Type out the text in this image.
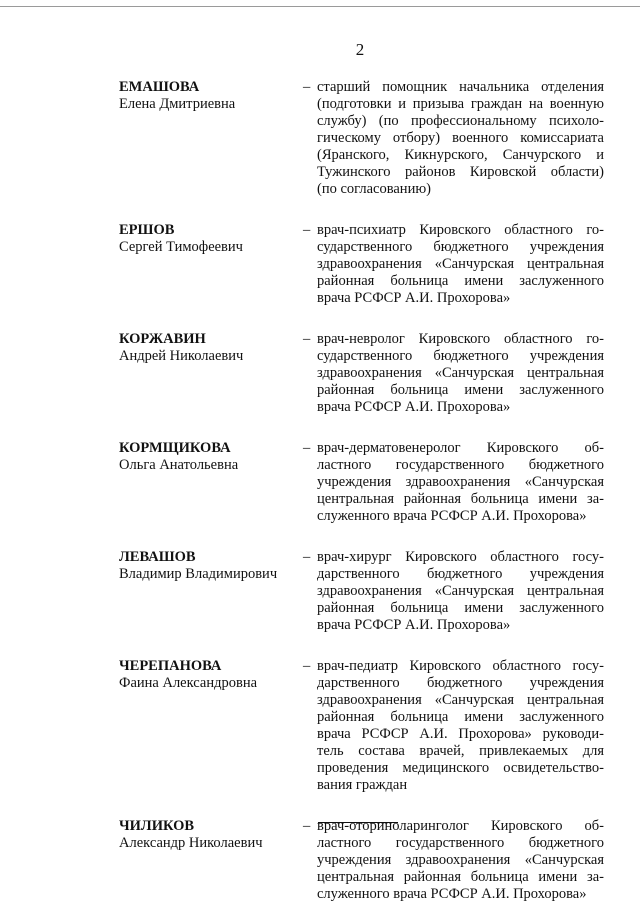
2
ЕМАШОВА
Елена Дмитриевна
– старший помощник начальника отделения
(подготовки и призыва граждан на военную
службу) (по профессиональному психоло-
гическому отбору) военного комиссариата
(Яранского, Кикнурского, Санчурского и
Тужинского районов Кировской области)
(по согласованию)
ЕРШОВ
Сергей Тимофеевич
– врач-психиатр Кировского областного го-
сударственного бюджетного учреждения
здравоохранения «Санчурская центральная
районная больница имени заслуженного
врача РСФСР А.И. Прохорова»
КОРЖАВИН
Андрей Николаевич
– врач-невролог Кировского областного го-
сударственного бюджетного учреждения
здравоохранения «Санчурская центральная
районная больница имени заслуженного
врача РСФСР А.И. Прохорова»
КОРМЩИКОВА
Ольга Анатольевна
– врач-дерматовенеролог Кировского об-
ластного государственного бюджетного
учреждения здравоохранения «Санчурская
центральная районная больница имени за-
служенного врача РСФСР А.И. Прохорова»
ЛЕВАШОВ
Владимир Владимирович
– врач-хирург Кировского областного госу-
дарственного бюджетного учреждения
здравоохранения «Санчурская центральная
районная больница имени заслуженного
врача РСФСР А.И. Прохорова»
ЧЕРЕПАНОВА
Фаина Александровна
– врач-педиатр Кировского областного госу-
дарственного бюджетного учреждения
здравоохранения «Санчурская центральная
районная больница имени заслуженного
врача РСФСР А.И. Прохорова» руководи-
тель состава врачей, привлекаемых для
проведения медицинского освидетельство-
вания граждан
ЧИЛИКОВ
Александр Николаевич
– врач-оториноларинголог Кировского об-
ластного государственного бюджетного
учреждения здравоохранения «Санчурская
центральная районная больница имени за-
служенного врача РСФСР А.И. Прохорова»
